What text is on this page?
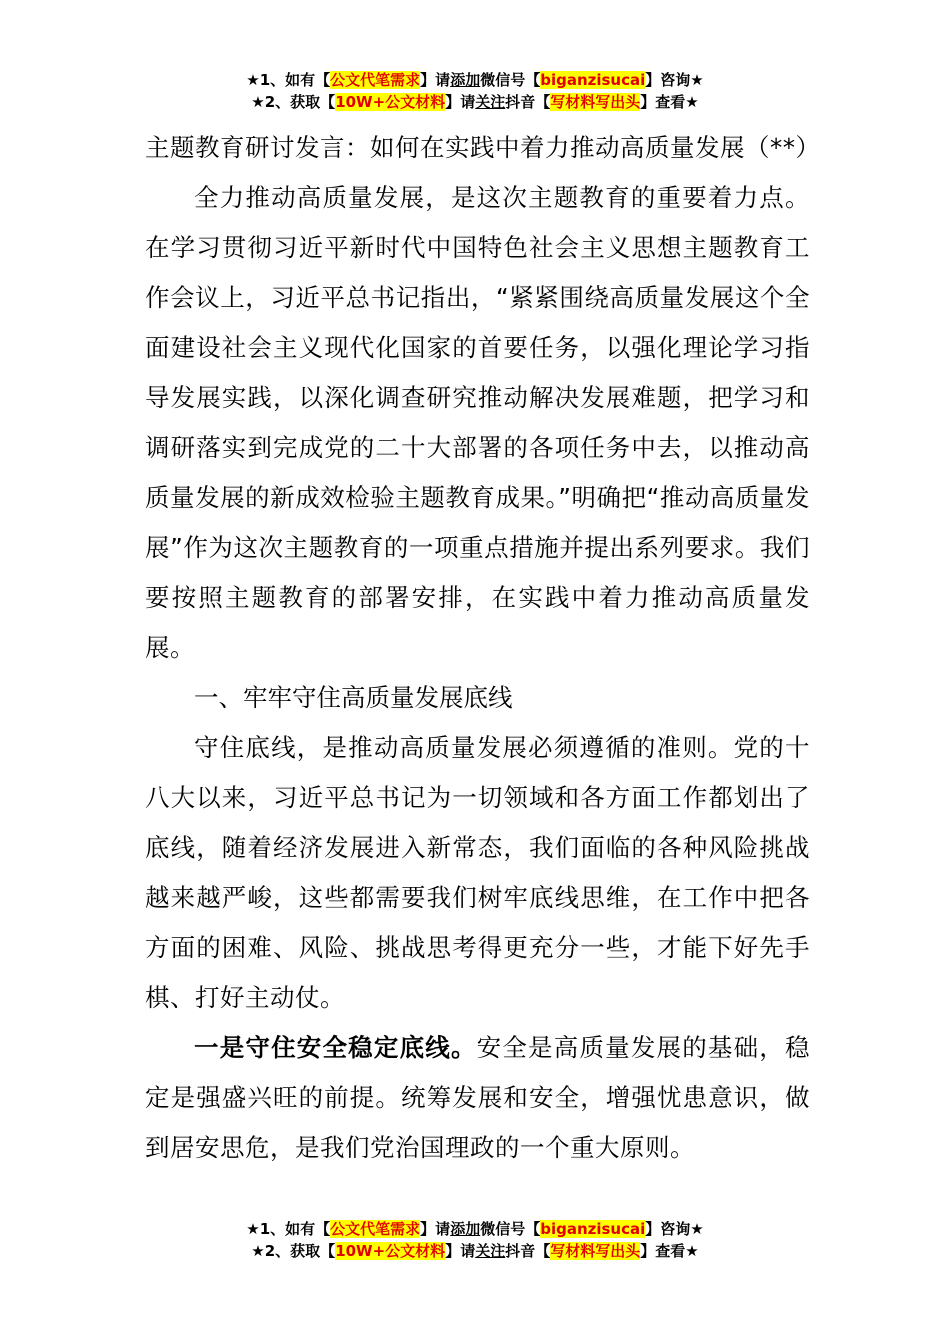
★1、如有【公文代笔需求】请添加微信号【biganzisucai】咨询★
★2、获取【10W+公文材料】请关注抖音【写材料写出头】查看★

主题教育研讨发言：如何在实践中着力推动高质量发展（**）

全力推动高质量发展，是这次主题教育的重要着力点。在学习贯彻习近平新时代中国特色社会主义思想主题教育工作会议上，习近平总书记指出，“紧紧围绕高质量发展这个全面建设社会主义现代化国家的首要任务，以强化理论学习指导发展实践，以深化调查研究推动解决发展难题，把学习和调研落实到完成党的二十大部署的各项任务中去，以推动高质量发展的新成效检验主题教育成果。”明确把“推动高质量发展”作为这次主题教育的一项重点措施并提出系列要求。我们要按照主题教育的部署安排，在实践中着力推动高质量发展。

一、牢牢守住高质量发展底线

守住底线，是推动高质量发展必须遵循的准则。党的十八大以来，习近平总书记为一切领域和各方面工作都划出了底线，随着经济发展进入新常态，我们面临的各种风险挑战越来越严峻，这些都需要我们树牢底线思维，在工作中把各方面的困难、风险、挑战思考得更充分一些，才能下好先手棋、打好主动仗。

一是守住安全稳定底线。安全是高质量发展的基础，稳定是强盛兴旺的前提。统筹发展和安全，增强忧患意识，做到居安思危，是我们党治国理政的一个重大原则。

★1、如有【公文代笔需求】请添加微信号【biganzisucai】咨询★
★2、获取【10W+公文材料】请关注抖音【写材料写出头】查看★
